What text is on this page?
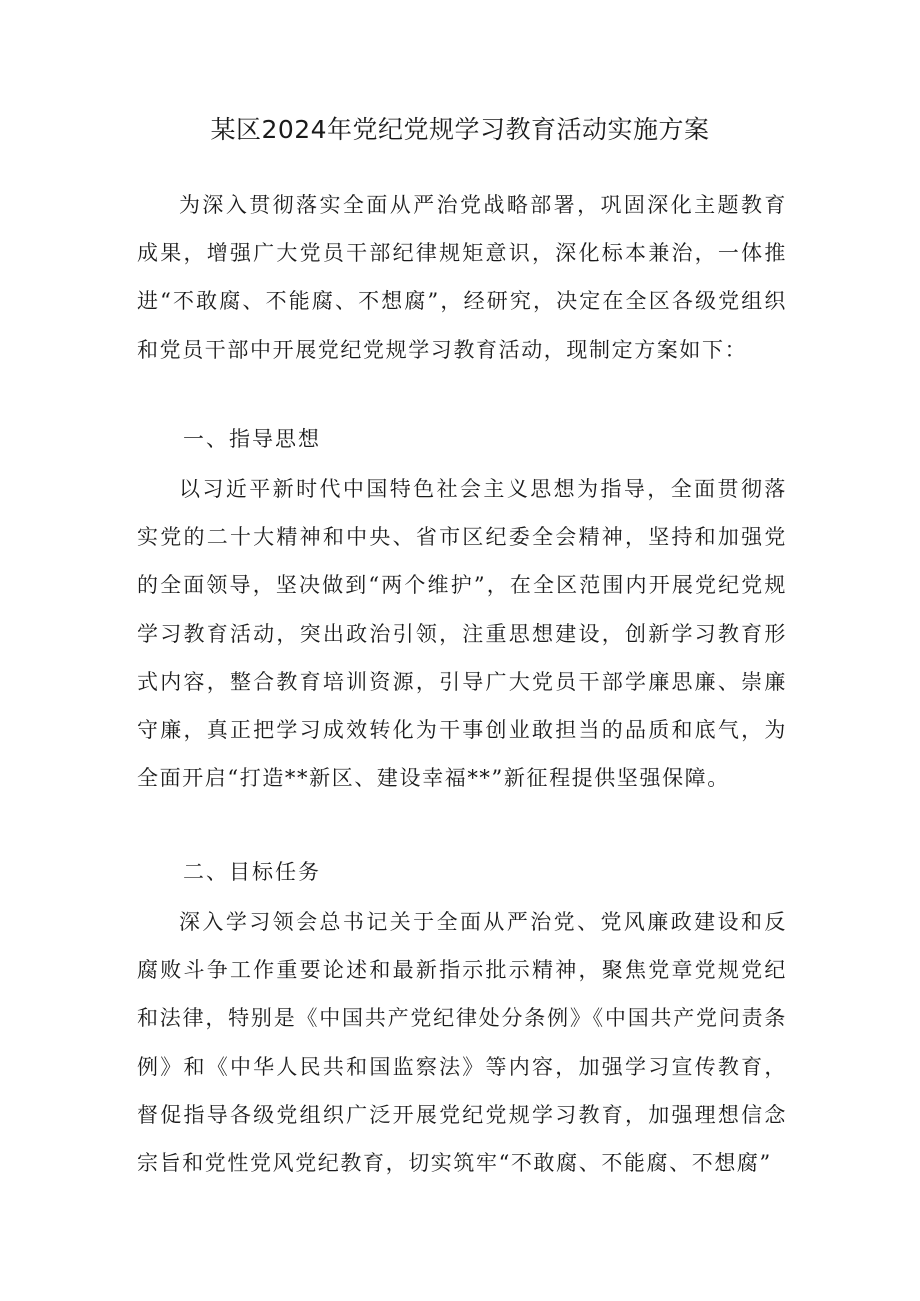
某区2024年党纪党规学习教育活动实施方案

为深入贯彻落实全面从严治党战略部署，巩固深化主题教育成果，增强广大党员干部纪律规矩意识，深化标本兼治，一体推进“不敢腐、不能腐、不想腐”，经研究，决定在全区各级党组织和党员干部中开展党纪党规学习教育活动，现制定方案如下：

一、指导思想

以习近平新时代中国特色社会主义思想为指导，全面贯彻落实党的二十大精神和中央、省市区纪委全会精神，坚持和加强党的全面领导，坚决做到“两个维护”，在全区范围内开展党纪党规学习教育活动，突出政治引领，注重思想建设，创新学习教育形式内容，整合教育培训资源，引导广大党员干部学廉思廉、崇廉守廉，真正把学习成效转化为干事创业敢担当的品质和底气，为全面开启“打造**新区、建设幸福**”新征程提供坚强保障。

二、目标任务

深入学习领会总书记关于全面从严治党、党风廉政建设和反腐败斗争工作重要论述和最新指示批示精神，聚焦党章党规党纪和法律，特别是《中国共产党纪律处分条例》《中国共产党问责条例》和《中华人民共和国监察法》等内容，加强学习宣传教育，督促指导各级党组织广泛开展党纪党规学习教育，加强理想信念宗旨和党性党风党纪教育，切实筑牢“不敢腐、不能腐、不想腐”
